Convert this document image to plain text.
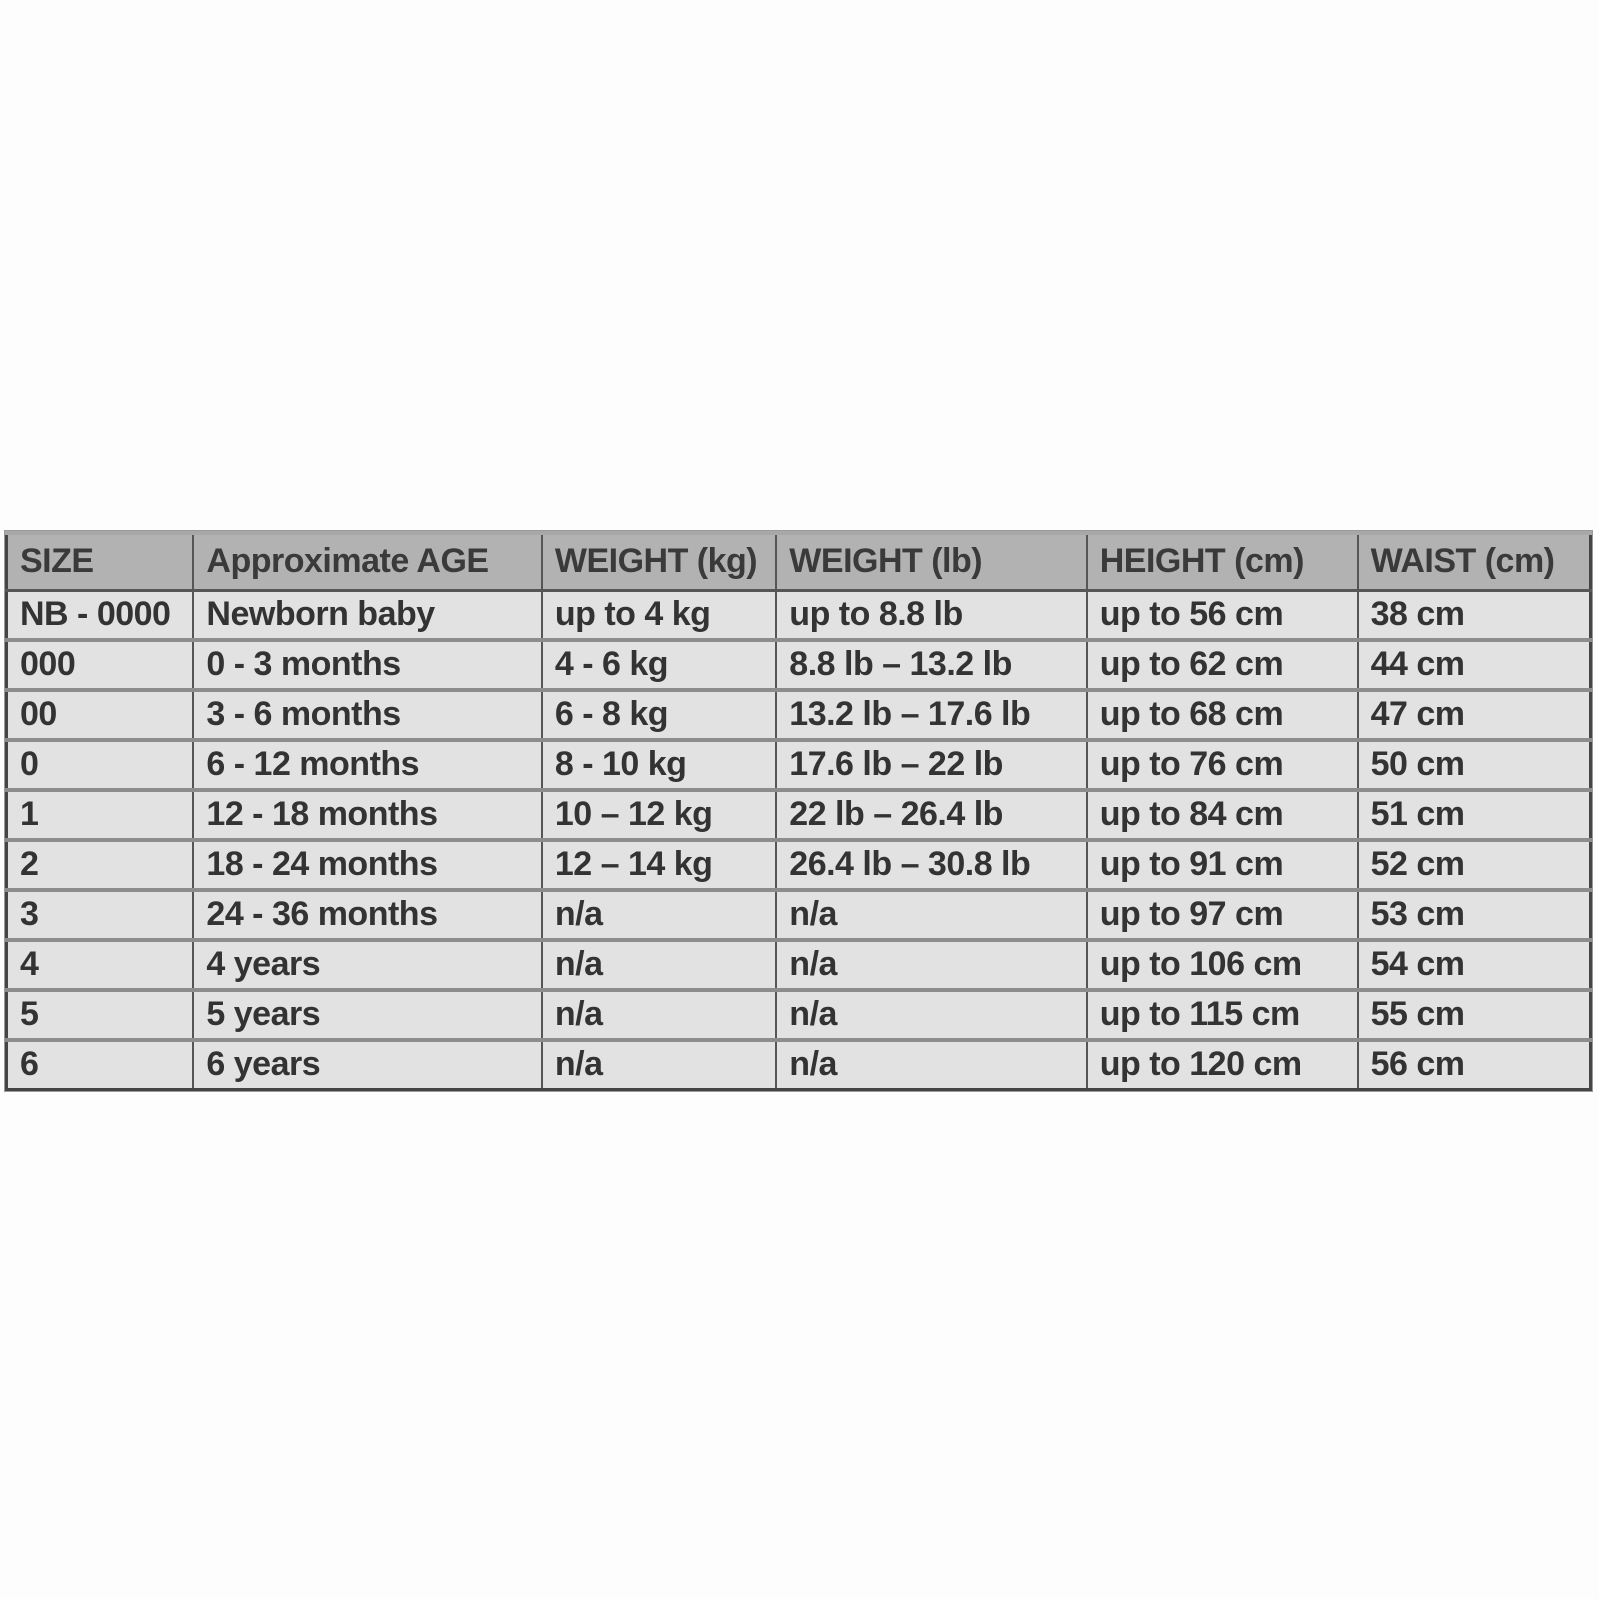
SIZE	Approximate AGE	WEIGHT (kg)	WEIGHT (lb)	HEIGHT (cm)	WAIST (cm)
NB - 0000	Newborn baby	up to 4 kg	up to 8.8 lb	up to 56 cm	38 cm
000	0 - 3 months	4 - 6 kg	8.8 lb – 13.2 lb	up to 62 cm	44 cm
00	3 - 6 months	6 - 8 kg	13.2 lb – 17.6 lb	up to 68 cm	47 cm
0	6 - 12 months	8 - 10 kg	17.6 lb – 22 lb	up to 76 cm	50 cm
1	12 - 18 months	10 – 12 kg	22 lb – 26.4 lb	up to 84 cm	51 cm
2	18 - 24 months	12 – 14 kg	26.4 lb – 30.8 lb	up to 91 cm	52 cm
3	24 - 36 months	n/a	n/a	up to 97 cm	53 cm
4	4 years	n/a	n/a	up to 106 cm	54 cm
5	5 years	n/a	n/a	up to 115 cm	55 cm
6	6 years	n/a	n/a	up to 120 cm	56 cm
